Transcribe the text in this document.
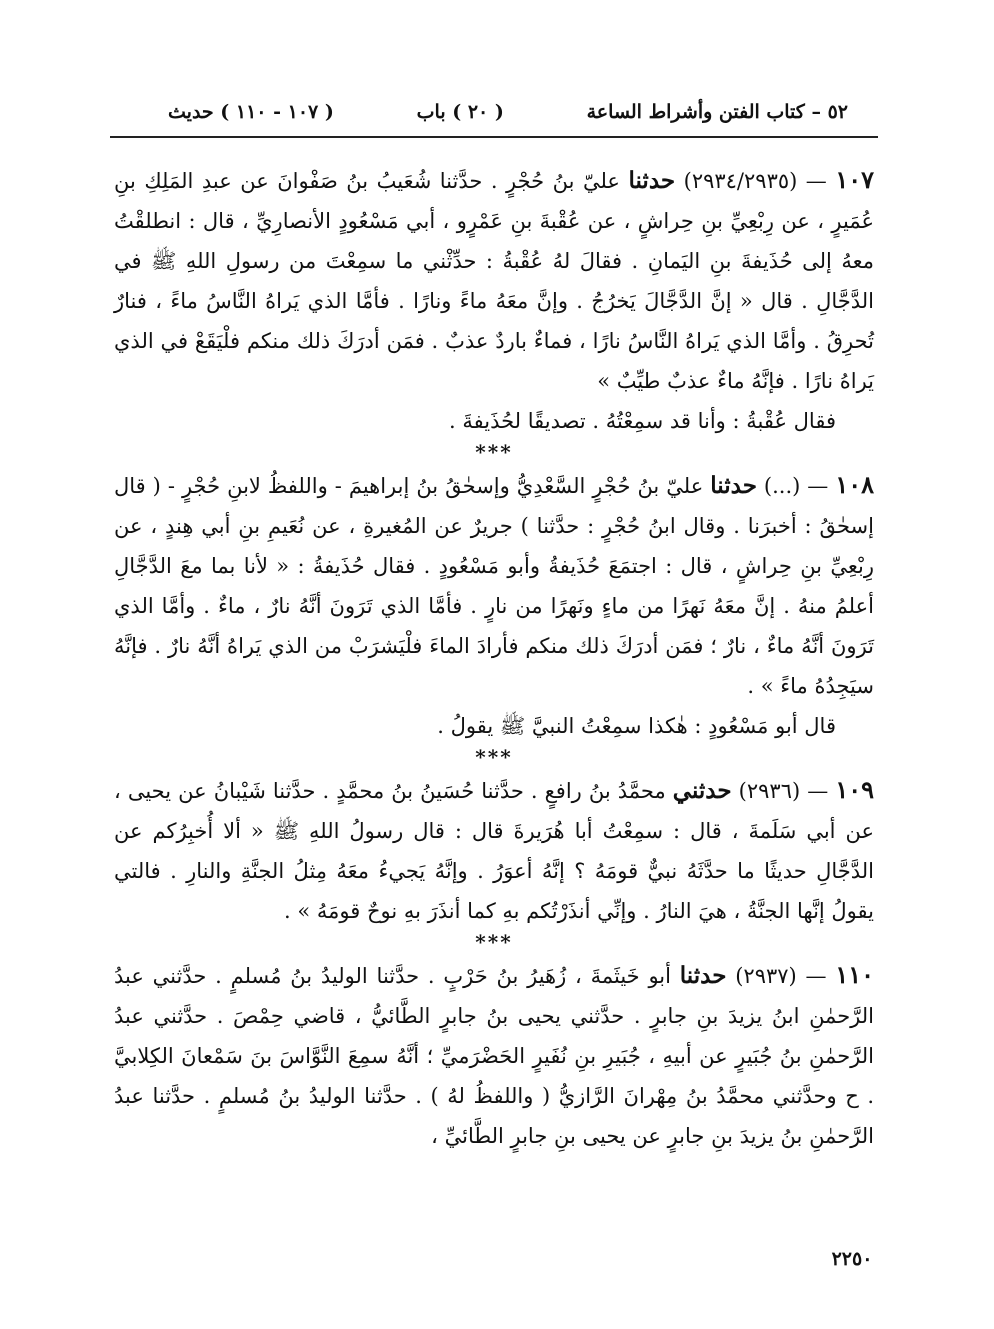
٥٢ – كتاب الفتن وأشراط الساعة
( ٢٠ ) باب
( ١٠٧ - ١١٠ ) حديث

١٠٧ — (٢٩٣٤/٢٩٣٥) حدثنا عليّ بنُ حُجْرٍ . حدَّثنا شُعَيبُ بنُ صَفْوانَ عن عبدِ المَلِكِ بنِ عُمَيرٍ ، عن رِبْعِيِّ بنِ حِراشٍ ، عن عُقْبةَ بنِ عَمْرٍو ، أبي مَسْعُودٍ الأنصارِيِّ ، قال : انطلقْتُ معهُ إلى حُذَيفةَ بنِ اليَمانِ . فقالَ لهُ عُقْبةُ : حدِّثْني ما سمِعْتَ من رسولِ اللهِ ﷺ في الدَّجَّالِ . قال « إنَّ الدَّجَّالَ يَخرُجُ . وإنَّ معَهُ ماءً ونارًا . فأمَّا الذي يَراهُ النَّاسُ ماءً ، فنارٌ تُحرِقُ . وأمَّا الذي يَراهُ النَّاسُ نارًا ، فماءٌ باردٌ عذبٌ . فمَن أدرَكَ ذلك منكم فلْيَقَعْ في الذي يَراهُ نارًا . فإنَّهُ ماءٌ عذبٌ طيِّبٌ »

فقال عُقْبةُ : وأنا قد سمِعْتُهُ . تصديقًا لحُذَيفةَ .

***

١٠٨ — (...) حدثنا عليّ بنُ حُجْرٍ السَّعْدِيُّ وإسحٰقُ بنُ إبراهيمَ - واللفظُ لابنِ حُجْرٍ - ( قال إسحٰقُ : أخبرَنا . وقال ابنُ حُجْرٍ : حدَّثنا ) جريرٌ عن المُغيرةِ ، عن نُعَيمِ بنِ أبي هِندٍ ، عن رِبْعِيِّ بنِ حِراشٍ ، قال : اجتمَعَ حُذَيفةُ وأبو مَسْعُودٍ . فقال حُذَيفةُ : « لأنا بما معَ الدَّجَّالِ أعلمُ منهُ . إنَّ معَهُ نَهرًا من ماءٍ ونَهرًا من نارٍ . فأمَّا الذي تَرَونَ أنَّهُ نارٌ ، ماءٌ . وأمَّا الذي تَرَونَ أنَّهُ ماءٌ ، نارٌ ؛ فمَن أدرَكَ ذلك منكم فأرادَ الماءَ فلْيَشرَبْ من الذي يَراهُ أنَّهُ نارٌ . فإنَّهُ سيَجِدُهُ ماءً » .

قال أبو مَسْعُودٍ : هٰكذا سمِعْتُ النبيَّ ﷺ يقولُ .

***

١٠٩ — (٢٩٣٦) حدثني محمَّدُ بنُ رافعٍ . حدَّثنا حُسَينُ بنُ محمَّدٍ . حدَّثنا شَيْبانُ عن يحيى ، عن أبي سَلَمةَ ، قال : سمِعْتُ أبا هُرَيرةَ قال : قال رسولُ اللهِ ﷺ « ألا أُخبِرُكم عن الدَّجَّالِ حديثًا ما حدَّثَهُ نبيٌّ قومَهُ ؟ إنَّهُ أعوَرُ . وإنَّهُ يَجيءُ معَهُ مِثلُ الجنَّةِ والنارِ . فالتي يقولُ إنَّها الجنَّةُ ، هيَ النارُ . وإنِّي أنذَرْتُكم بهِ كما أنذَرَ بهِ نوحٌ قومَهُ » .

***

١١٠ — (٢٩٣٧) حدثنا أبو خَيثَمةَ ، زُهَيرُ بنُ حَرْبٍ . حدَّثنا الوليدُ بنُ مُسلمٍ . حدَّثني عبدُ الرَّحمٰنِ ابنُ يزيدَ بنِ جابرٍ . حدَّثني يحيى بنُ جابرٍ الطَّائيُّ ، قاضي حِمْصَ . حدَّثني عبدُ الرَّحمٰنِ بنُ جُبَيرٍ عن أبيهِ ، جُبَيرِ بنِ نُفَيرٍ الحَضْرَميِّ ؛ أنَّهُ سمِعَ النَّوَّاسَ بنَ سَمْعانَ الكِلابيَّ . ح وحدَّثني محمَّدُ بنُ مِهْرانَ الرَّازيُّ ( واللفظُ لهُ ) . حدَّثنا الوليدُ بنُ مُسلمٍ . حدَّثنا عبدُ الرَّحمٰنِ بنُ يزيدَ بنِ جابرٍ عن يحيى بنِ جابرٍ الطَّائيِّ ،

٢٢٥٠
